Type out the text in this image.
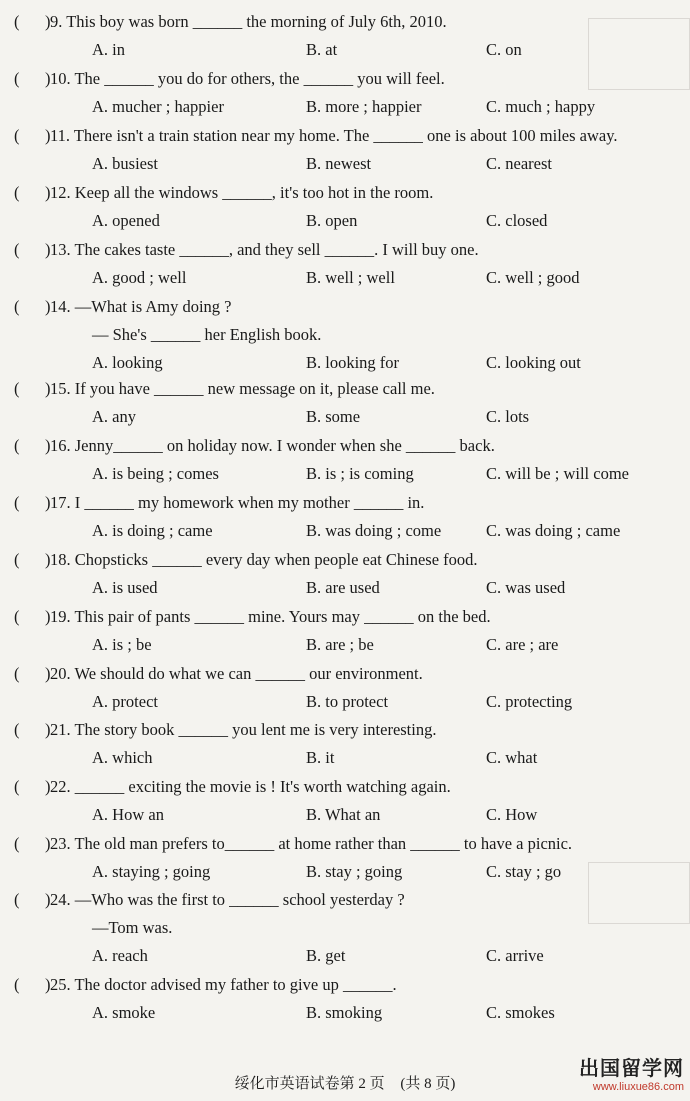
( ) 9. This boy was born ______ the morning of July 6th, 2010.
A. in	B. at	C. on
( ) 10. The ______ you do for others, the ______ you will feel.
A. mucher ; happier	B. more ; happier	C. much ; happy
( ) 11. There isn't a train station near my home. The ______ one is about 100 miles away.
A. busiest	B. newest	C. nearest
( ) 12. Keep all the windows ______, it's too hot in the room.
A. opened	B. open	C. closed
( ) 13. The cakes taste ______, and they sell ______. I will buy one.
A. good ; well	B. well ; well	C. well ; good
( ) 14. —What is Amy doing ?
— She's ______ her English book.
A. looking	B. looking for	C. looking out
( ) 15. If you have ______ new message on it, please call me.
A. any	B. some	C. lots
( ) 16. Jenny______ on holiday now. I wonder when she ______ back.
A. is being ; comes	B. is ; is coming	C. will be ; will come
( ) 17. I ______ my homework when my mother ______ in.
A. is doing ; came	B. was doing ; come	C. was doing ; came
( ) 18. Chopsticks ______ every day when people eat Chinese food.
A. is used	B. are used	C. was used
( ) 19. This pair of pants ______ mine. Yours may ______ on the bed.
A. is ; be	B. are ; be	C. are ; are
( ) 20. We should do what we can ______ our environment.
A. protect	B. to protect	C. protecting
( ) 21. The story book ______ you lent me is very interesting.
A. which	B. it	C. what
( ) 22. ______ exciting the movie is ! It's worth watching again.
A. How an	B. What an	C. How
( ) 23. The old man prefers to______ at home rather than ______ to have a picnic.
A. staying ; going	B. stay ; going	C. stay ; go
( ) 24. —Who was the first to ______ school yesterday ?
—Tom was.
A. reach	B. get	C. arrive
( ) 25. The doctor advised my father to give up ______.
A. smoke	B. smoking	C. smokes
绥化市英语试卷第 2 页 (共 8 页)
出国留学网
www.liuxue86.com
